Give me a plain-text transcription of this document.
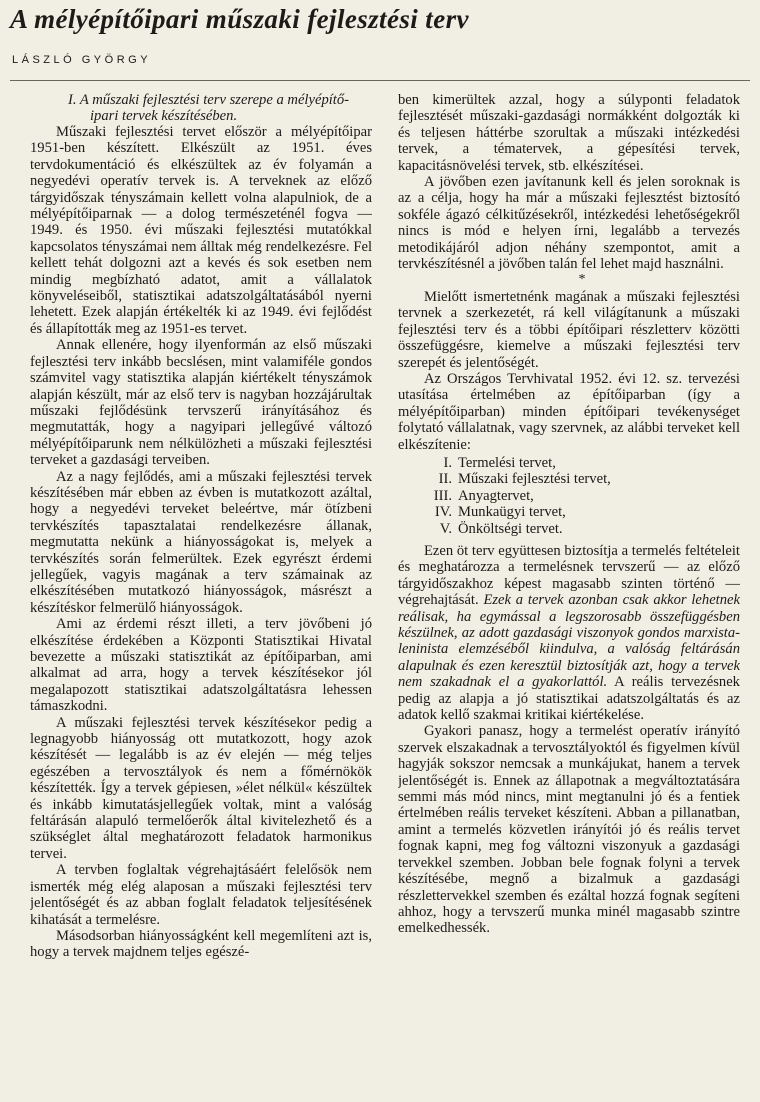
A mélyépítőipari műszaki fejlesztési terv
LÁSZLÓ GYÖRGY

I. A műszaki fejlesztési terv szerepe a mélyépítő-
ipari tervek készítésében.

Műszaki fejlesztési tervet először a mélyépítőipar 1951-ben készített. Elkészült az 1951. éves tervdokumentáció és elkészültek az év folyamán a negyedévi operatív tervek is. A terveknek az előző tárgyidőszak tényszámain kellett volna alapulniok, de a mélyépítőiparnak — a dolog természeténél fogva — 1949. és 1950. évi műszaki fejlesztési mutatókkal kapcsolatos tényszámai nem álltak még rendelkezésre. Fel kellett tehát dolgozni azt a kevés és sok esetben nem mindig megbízható adatot, amit a vállalatok könyveléseiből, statisztikai adatszolgáltatásából nyerni lehetett. Ezek alapján értékelték ki az 1949. évi fejlődést és állapították meg az 1951-es tervet.

Annak ellenére, hogy ilyenformán az első műszaki fejlesztési terv inkább becslésen, mint valamiféle gondos számvitel vagy statisztika alapján kiértékelt tényszámok alapján készült, már az első terv is nagyban hozzájárultak műszaki fejlődésünk tervszerű irányításához és megmutatták, hogy a nagyipari jellegűvé változó mélyépítőiparunk nem nélkülözheti a műszaki fejlesztési terveket a gazdasági terveiben.

Az a nagy fejlődés, ami a műszaki fejlesztési tervek készítésében már ebben az évben is mutatkozott azáltal, hogy a negyedévi terveket beleértve, már ötízbeni tervkészítés tapasztalatai rendelkezésre állanak, megmutatta nekünk a hiányosságokat is, melyek a tervkészítés során felmerültek. Ezek egyrészt érdemi jellegűek, vagyis magának a terv számainak az elkészítésében mutatkozó hiányosságok, másrészt a készítéskor felmerülő hiányosságok.

Ami az érdemi részt illeti, a terv jövőbeni jó elkészítése érdekében a Központi Statisztikai Hivatal bevezette a műszaki statisztikát az építőiparban, ami alkalmat ad arra, hogy a tervek készítésekor jól megalapozott statisztikai adatszolgáltatásra lehessen támaszkodni.

A műszaki fejlesztési tervek készítésekor pedig a legnagyobb hiányosság ott mutatkozott, hogy azok készítését — legalább is az év elején — még teljes egészében a tervosztályok és nem a főmérnökök készítették. Így a tervek gépiesen, »élet nélkül« készültek és inkább kimutatásjellegűek voltak, mint a valóság feltárásán alapuló termelőerők által kivitelezhető és a szükséglet által meghatározott feladatok harmonikus tervei.

A tervben foglaltak végrehajtásáért felelősök nem ismerték még elég alaposan a műszaki fejlesztési terv jelentőségét és az abban foglalt feladatok teljesítésének kihatását a termelésre.

Másodsorban hiányosságként kell megemlíteni azt is, hogy a tervek majdnem teljes egészé-

ben kimerültek azzal, hogy a súlyponti feladatok fejlesztését műszaki-gazdasági normákként dolgozták ki és teljesen háttérbe szorultak a műszaki intézkedési tervek, a tématervek, a gépesítési tervek, kapacitásnövelési tervek, stb. elkészítései.

A jövőben ezen javítanunk kell és jelen soroknak is az a célja, hogy ha már a műszaki fejlesztést biztosító sokféle ágazó célkitűzésekről, intézkedési lehetőségekről nincs is mód e helyen írni, legalább a tervezés metodikájáról adjon néhány szempontot, amit a tervkészítésnél a jövőben talán fel lehet majd használni.

*

Mielőtt ismertetnénk magának a műszaki fejlesztési tervnek a szerkezetét, rá kell világítanunk a műszaki fejlesztési terv és a többi építőipari részletterv közötti összefüggésre, kiemelve a műszaki fejlesztési terv szerepét és jelentőségét.

Az Országos Tervhivatal 1952. évi 12. sz. tervezési utasítása értelmében az építőiparban (így a mélyépítőiparban) minden építőipari tevékenységet folytató vállalatnak, vagy szervnek, az alábbi terveket kell elkészítenie:

I. Termelési tervet,
II. Műszaki fejlesztési tervet,
III. Anyagtervet,
IV. Munkaügyi tervet,
V. Önköltségi tervet.

Ezen öt terv együttesen biztosítja a termelés feltételeit és meghatározza a termelésnek tervszerű — az előző tárgyidőszakhoz képest magasabb szinten történő — végrehajtását. Ezek a tervek azonban csak akkor lehetnek reálisak, ha egymással a legszorosabb összefüggésben készülnek, az adott gazdasági viszonyok gondos marxista-leninista elemzéséből kiindulva, a valóság feltárásán alapulnak és ezen keresztül biztosítják azt, hogy a tervek nem szakadnak el a gyakorlattól. A reális tervezésnek pedig az alapja a jó statisztikai adatszolgáltatás és az adatok kellő szakmai kritikai kiértékelése.

Gyakori panasz, hogy a termelést operatív irányító szervek elszakadnak a tervosztályoktól és figyelmen kívül hagyják sokszor nemcsak a munkájukat, hanem a tervek jelentőségét is. Ennek az állapotnak a megváltoztatására semmi más mód nincs, mint megtanulni jó és a fentiek értelmében reális terveket készíteni. Abban a pillanatban, amint a termelés közvetlen irányítói jó és reális tervet fognak kapni, meg fog változni viszonyuk a gazdasági tervekkel szemben. Jobban bele fognak folyni a tervek készítésébe, megnő a bizalmuk a gazdasági részlettervekkel szemben és ezáltal hozzá fognak segíteni ahhoz, hogy a tervszerű munka minél magasabb szintre emelkedhessék.
